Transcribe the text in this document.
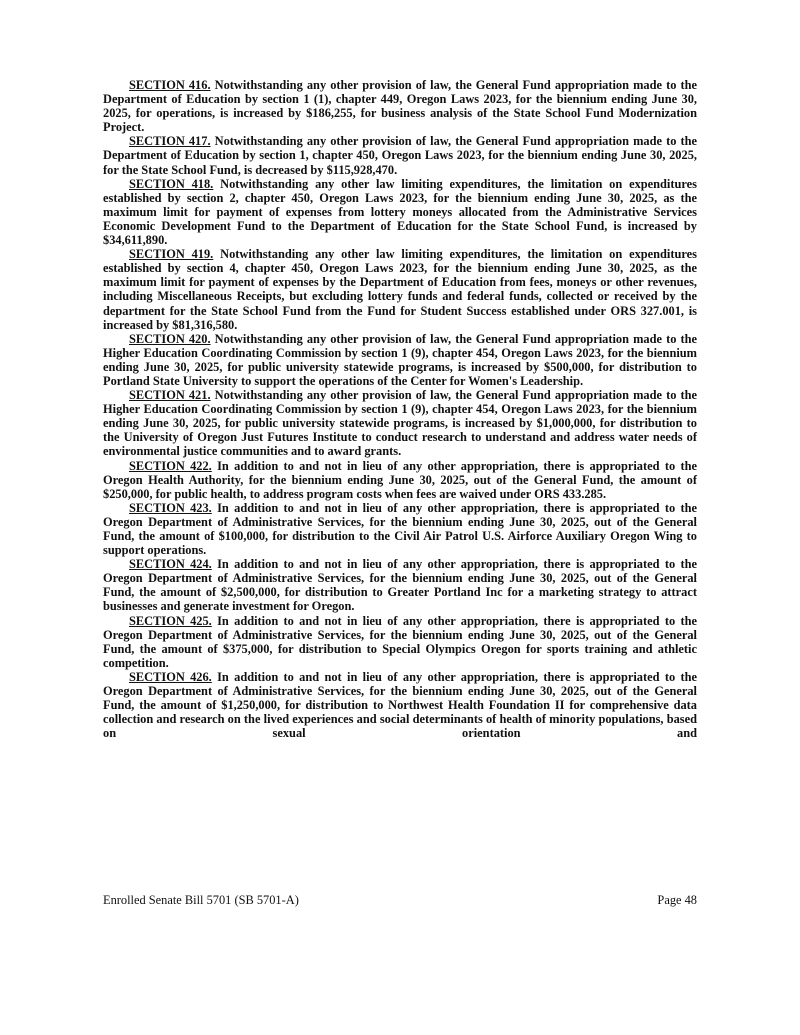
SECTION 416. Notwithstanding any other provision of law, the General Fund appropriation made to the Department of Education by section 1 (1), chapter 449, Oregon Laws 2023, for the biennium ending June 30, 2025, for operations, is increased by $186,255, for business analysis of the State School Fund Modernization Project.

SECTION 417. Notwithstanding any other provision of law, the General Fund appropriation made to the Department of Education by section 1, chapter 450, Oregon Laws 2023, for the biennium ending June 30, 2025, for the State School Fund, is decreased by $115,928,470.

SECTION 418. Notwithstanding any other law limiting expenditures, the limitation on expenditures established by section 2, chapter 450, Oregon Laws 2023, for the biennium ending June 30, 2025, as the maximum limit for payment of expenses from lottery moneys allocated from the Administrative Services Economic Development Fund to the Department of Education for the State School Fund, is increased by $34,611,890.

SECTION 419. Notwithstanding any other law limiting expenditures, the limitation on expenditures established by section 4, chapter 450, Oregon Laws 2023, for the biennium ending June 30, 2025, as the maximum limit for payment of expenses by the Department of Education from fees, moneys or other revenues, including Miscellaneous Receipts, but excluding lottery funds and federal funds, collected or received by the department for the State School Fund from the Fund for Student Success established under ORS 327.001, is increased by $81,316,580.

SECTION 420. Notwithstanding any other provision of law, the General Fund appropriation made to the Higher Education Coordinating Commission by section 1 (9), chapter 454, Oregon Laws 2023, for the biennium ending June 30, 2025, for public university statewide programs, is increased by $500,000, for distribution to Portland State University to support the operations of the Center for Women's Leadership.

SECTION 421. Notwithstanding any other provision of law, the General Fund appropriation made to the Higher Education Coordinating Commission by section 1 (9), chapter 454, Oregon Laws 2023, for the biennium ending June 30, 2025, for public university statewide programs, is increased by $1,000,000, for distribution to the University of Oregon Just Futures Institute to conduct research to understand and address water needs of environmental justice communities and to award grants.

SECTION 422. In addition to and not in lieu of any other appropriation, there is appropriated to the Oregon Health Authority, for the biennium ending June 30, 2025, out of the General Fund, the amount of $250,000, for public health, to address program costs when fees are waived under ORS 433.285.

SECTION 423. In addition to and not in lieu of any other appropriation, there is appropriated to the Oregon Department of Administrative Services, for the biennium ending June 30, 2025, out of the General Fund, the amount of $100,000, for distribution to the Civil Air Patrol U.S. Airforce Auxiliary Oregon Wing to support operations.

SECTION 424. In addition to and not in lieu of any other appropriation, there is appropriated to the Oregon Department of Administrative Services, for the biennium ending June 30, 2025, out of the General Fund, the amount of $2,500,000, for distribution to Greater Portland Inc for a marketing strategy to attract businesses and generate investment for Oregon.

SECTION 425. In addition to and not in lieu of any other appropriation, there is appropriated to the Oregon Department of Administrative Services, for the biennium ending June 30, 2025, out of the General Fund, the amount of $375,000, for distribution to Special Olympics Oregon for sports training and athletic competition.

SECTION 426. In addition to and not in lieu of any other appropriation, there is appropriated to the Oregon Department of Administrative Services, for the biennium ending June 30, 2025, out of the General Fund, the amount of $1,250,000, for distribution to Northwest Health Foundation II for comprehensive data collection and research on the lived experiences and social determinants of health of minority populations, based on sexual orientation and

Enrolled Senate Bill 5701 (SB 5701-A)	Page 48
